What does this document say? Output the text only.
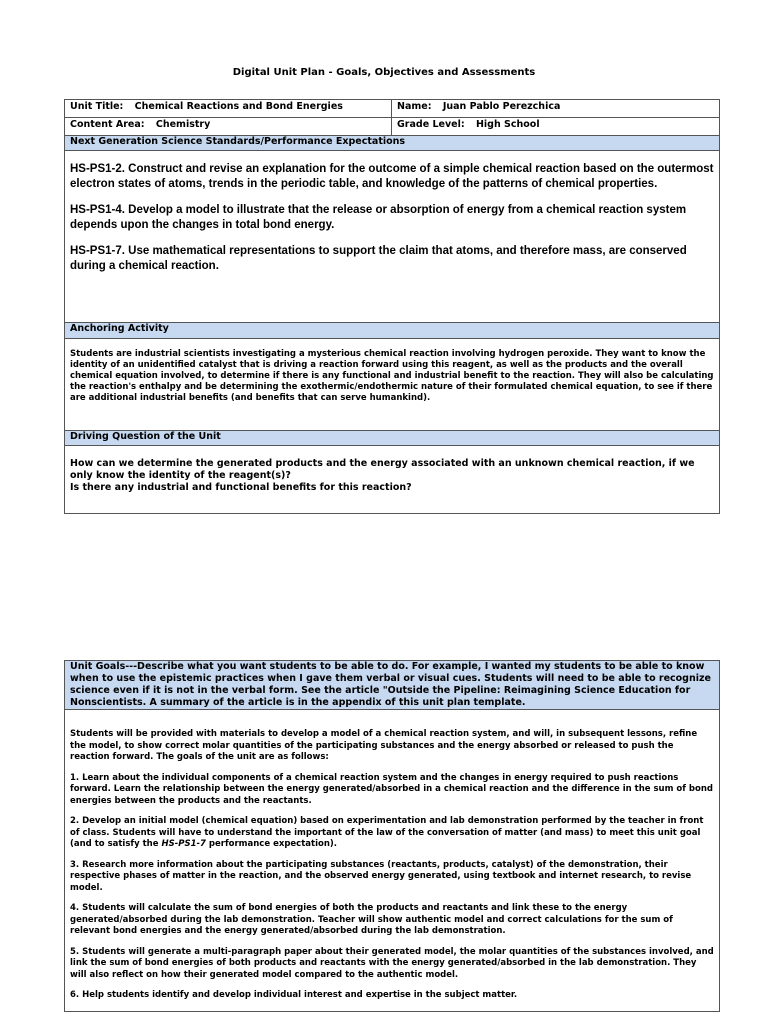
Digital Unit Plan - Goals, Objectives and Assessments
Unit Title: Chemical Reactions and Bond Energies	Name: Juan Pablo Perezchica
Content Area: Chemistry	Grade Level: High School
Next Generation Science Standards/Performance Expectations	

HS-PS1-2. Construct and revise an explanation for the outcome of a simple chemical reaction based on the outermost electron states of atoms, trends in the periodic table, and knowledge of the patterns of chemical properties.

HS-PS1-4. Develop a model to illustrate that the release or absorption of energy from a chemical reaction system depends upon the changes in total bond energy.

HS-PS1-7. Use mathematical representations to support the claim that atoms, and therefore mass, are conserved during a chemical reaction.	

Anchoring Activity	

Students are industrial scientists investigating a mysterious chemical reaction involving hydrogen peroxide. They want to know the identity of an unidentified catalyst that is driving a reaction forward using this reagent, as well as the products and the overall chemical equation involved, to determine if there is any functional and industrial benefit to the reaction. They will also be calculating the reaction's enthalpy and be determining the exothermic/endothermic nature of their formulated chemical equation, to see if there are additional industrial benefits (and benefits that can serve humankind).	

Driving Question of the Unit	

How can we determine the generated products and the energy associated with an unknown chemical reaction, if we only know the identity of the reagent(s)?
Is there any industrial and functional benefits for this reaction?	
Unit Goals---Describe what you want students to be able to do. For example, I wanted my students to be able to know when to use the epistemic practices when I gave them verbal or visual cues. Students will need to be able to recognize science even if it is not in the verbal form. See the article "Outside the Pipeline: Reimagining Science Education for Nonscientists. A summary of the article is in the appendix of this unit plan template.

Students will be provided with materials to develop a model of a chemical reaction system, and will, in subsequent lessons, refine the model, to show correct molar quantities of the participating substances and the energy absorbed or released to push the reaction forward. The goals of the unit are as follows:

1. Learn about the individual components of a chemical reaction system and the changes in energy required to push reactions forward. Learn the relationship between the energy generated/absorbed in a chemical reaction and the difference in the sum of bond energies between the products and the reactants.

2. Develop an initial model (chemical equation) based on experimentation and lab demonstration performed by the teacher in front of class. Students will have to understand the important of the law of the conversation of matter (and mass) to meet this unit goal (and to satisfy the HS-PS1-7 performance expectation).

3. Research more information about the participating substances (reactants, products, catalyst) of the demonstration, their respective phases of matter in the reaction, and the observed energy generated, using textbook and internet research, to revise model.

4. Students will calculate the sum of bond energies of both the products and reactants and link these to the energy generated/absorbed during the lab demonstration. Teacher will show authentic model and correct calculations for the sum of relevant bond energies and the energy generated/absorbed during the lab demonstration.

5. Students will generate a multi-paragraph paper about their generated model, the molar quantities of the substances involved, and link the sum of bond energies of both products and reactants with the energy generated/absorbed in the lab demonstration. They will also reflect on how their generated model compared to the authentic model.

6. Help students identify and develop individual interest and expertise in the subject matter.
